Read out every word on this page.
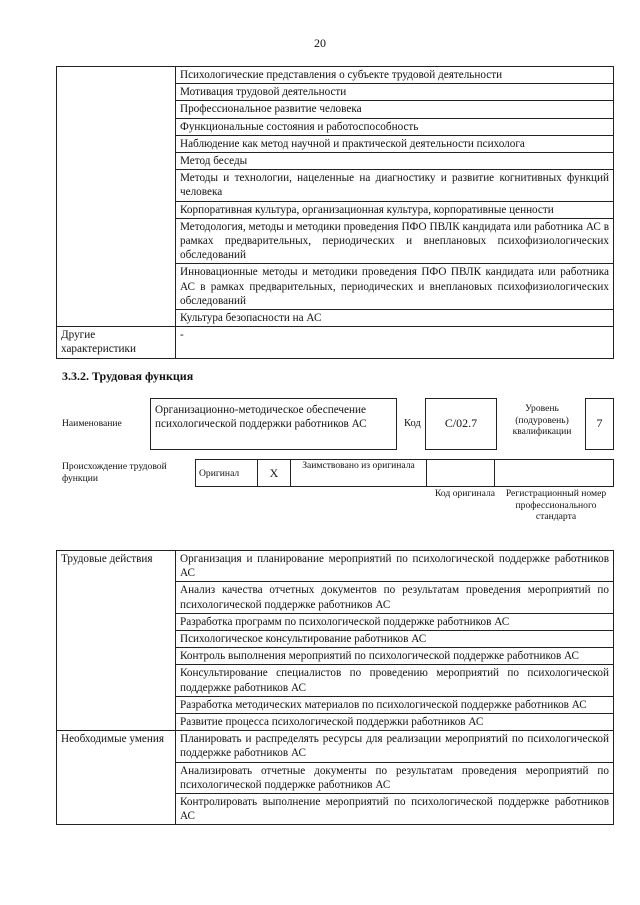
20
	Психологические представления о субъекте трудовой деятельности
	Мотивация трудовой деятельности
	Профессиональное развитие человека
	Функциональные состояния и работоспособность
	Наблюдение как метод научной и практической деятельности психолога
	Метод беседы
	Методы и технологии, нацеленные на диагностику и развитие когнитивных функций человека
	Корпоративная культура, организационная культура, корпоративные ценности
	Методология, методы и методики проведения ПФО ПВЛК кандидата или работника АС в рамках предварительных, периодических и внеплановых психофизиологических обследований
	Инновационные методы и методики проведения ПФО ПВЛК кандидата или работника АС в рамках предварительных, периодических и внеплановых психофизиологических обследований
	Культура безопасности на АС
Другие характеристики	-
3.3.2. Трудовая функция
Наименование
Организационно-методическое обеспечение психологической поддержки работников АС	Код	С/02.7
Уровень (подуровень) квалификации
7
Происхождение трудовой функции	Оригинал	X	Заимствовано из оригинала		
Код оригинала	Регистрационный номер профессионального стандарта
Трудовые действия	Организация и планирование мероприятий по психологической поддержке работников АС
	Анализ качества отчетных документов по результатам проведения мероприятий по психологической поддержке работников АС
	Разработка программ по психологической поддержке работников АС
	Психологическое консультирование работников АС
	Контроль выполнения мероприятий по психологической поддержке работников АС
	Консультирование специалистов по проведению мероприятий по психологической поддержке работников АС
	Разработка методических материалов по психологической поддержке работников АС
	Развитие процесса психологической поддержки работников АС
Необходимые умения	Планировать и распределять ресурсы для реализации мероприятий по психологической поддержке работников АС
	Анализировать отчетные документы по результатам проведения мероприятий по психологической поддержке работников АС
	Контролировать выполнение мероприятий по психологической поддержке работников АС
